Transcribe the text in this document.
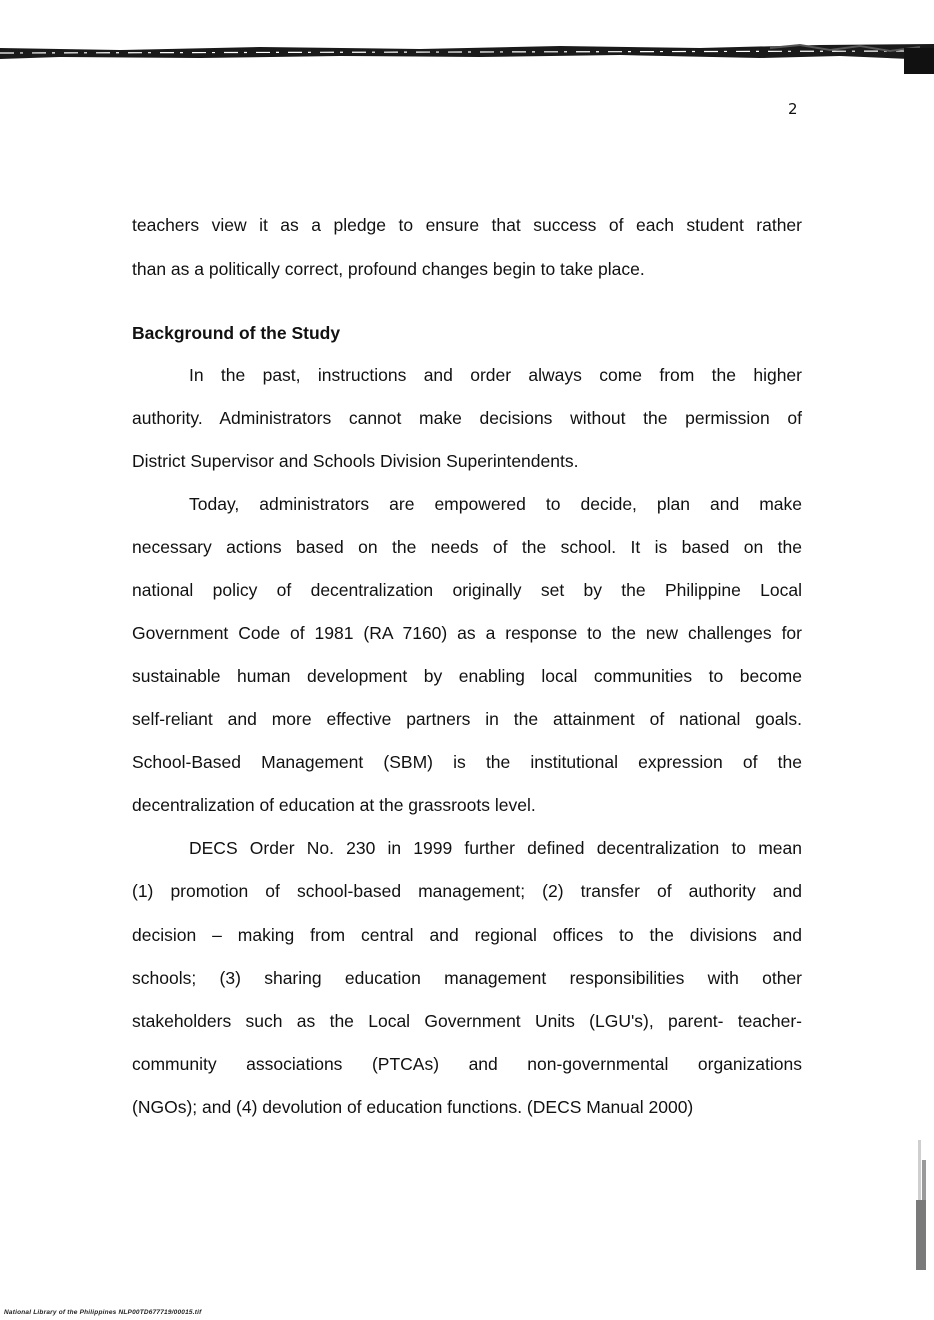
2
teachers view it as a pledge to ensure that success of each student rather
than as a politically correct, profound changes begin to take place.
Background of the Study
In the past, instructions and order always come from the higher
authority. Administrators cannot make decisions without the permission of
District Supervisor and Schools Division Superintendents.
Today, administrators are empowered to decide, plan and make
necessary actions based on the needs of the school. It is based on the
national policy of decentralization originally set by the Philippine Local
Government Code of 1981 (RA 7160) as a response to the new challenges for
sustainable human development by enabling local communities to become
self-reliant and more effective partners in the attainment of national goals.
School-Based Management (SBM) is the institutional expression of the
decentralization of education at the grassroots level.
DECS Order No. 230 in 1999 further defined decentralization to mean
(1) promotion of school-based management; (2) transfer of authority and
decision – making from central and regional offices to the divisions and
schools; (3) sharing education management responsibilities with other
stakeholders such as the Local Government Units (LGU's), parent- teacher-
community associations (PTCAs) and non-governmental organizations
(NGOs); and (4) devolution of education functions. (DECS Manual 2000)
National Library of the Philippines NLP00TD677719/00015.tif
